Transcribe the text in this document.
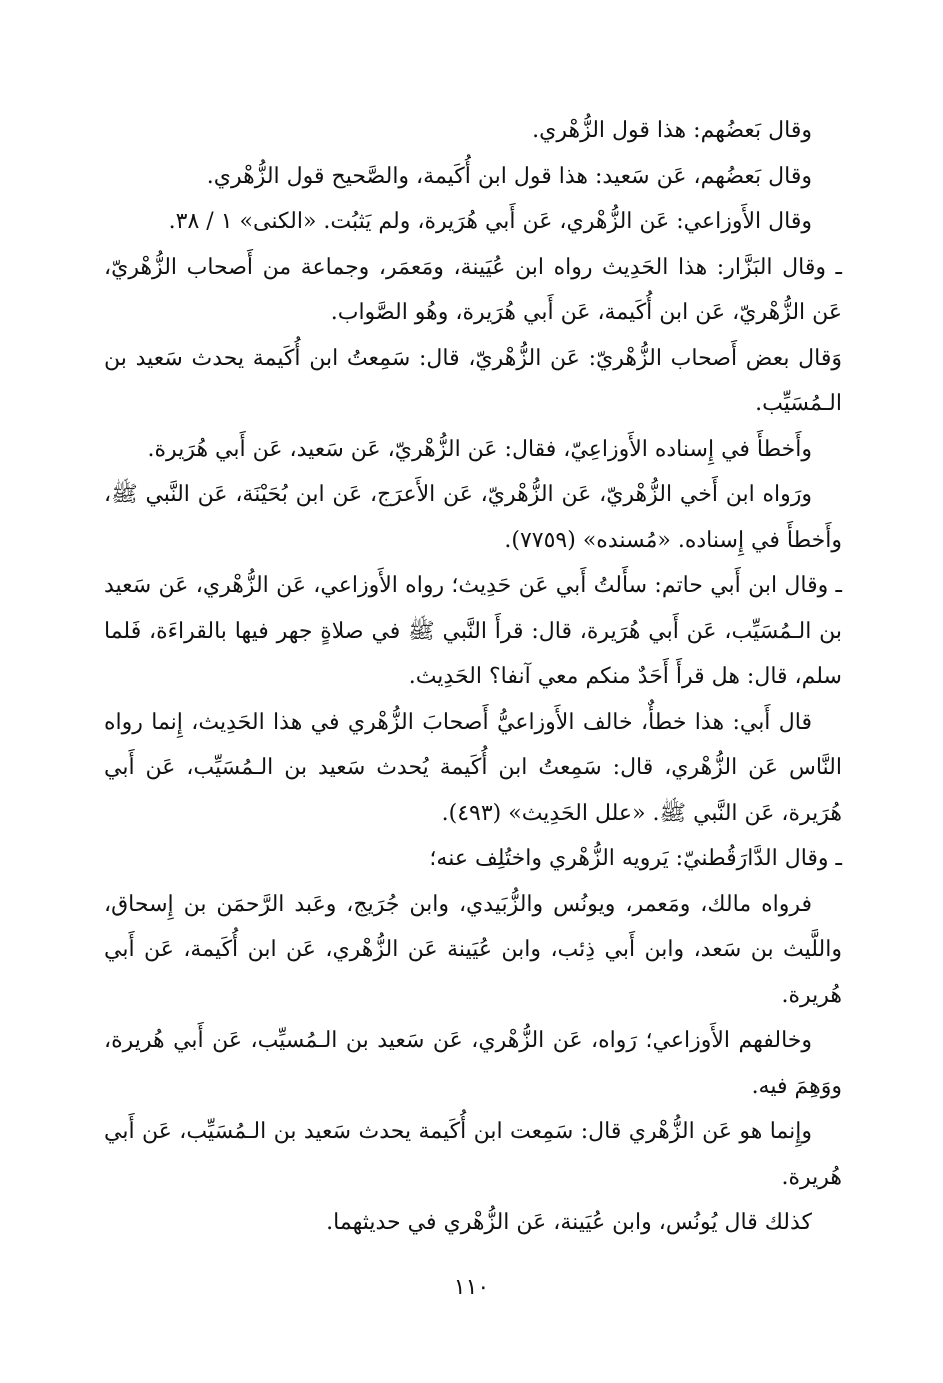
وقال بَعضُهم: هذا قول الزُّهْري.

وقال بَعضُهم، عَن سَعيد: هذا قول ابن أُكَيمة، والصَّحيح قول الزُّهْري.

وقال الأَوزاعي: عَن الزُّهْري، عَن أَبي هُرَيرة، ولم يَثبُت. «الكنى» ١ / ٣٨.

ـ وقال البَزَّار: هذا الحَدِيث رواه ابن عُيَينة، ومَعمَر، وجماعة من أَصحاب الزُّهْريّ، عَن الزُّهْريّ، عَن ابن أُكَيمة، عَن أَبي هُرَيرة، وهُو الصَّواب.

وَقال بعض أَصحاب الزُّهْريّ: عَن الزُّهْريّ، قال: سَمِعتُ ابن أُكَيمة يحدث سَعيد بن الـمُسَيِّب.

وأَخطأَ في إِسناده الأَوزاعِيّ، فقال: عَن الزُّهْريّ، عَن سَعيد، عَن أَبي هُرَيرة.

ورَواه ابن أَخي الزُّهْريّ، عَن الزُّهْريّ، عَن الأَعرَج، عَن ابن بُحَيْنَة، عَن النَّبي ﷺ، وأَخطأَ في إِسناده. «مُسنده» (٧٧٥٩).

ـ وقال ابن أَبي حاتم: سأَلتُ أَبي عَن حَدِيث؛ رواه الأَوزاعي، عَن الزُّهْري، عَن سَعيد بن الـمُسَيِّب، عَن أَبي هُرَيرة، قال: قرأَ النَّبي ﷺ في صلاةٍ جهر فيها بالقراءَة، فَلما سلم، قال: هل قرأَ أَحَدٌ منكم معي آنفا؟ الحَدِيث.

قال أَبي: هذا خطأٌ، خالف الأَوزاعيُّ أَصحابَ الزُّهْري في هذا الحَدِيث، إِنما رواه النَّاس عَن الزُّهْري، قال: سَمِعتُ ابن أُكَيمة يُحدث سَعيد بن الـمُسَيِّب، عَن أَبي هُرَيرة، عَن النَّبي ﷺ. «علل الحَدِيث» (٤٩٣).

ـ وقال الدَّارَقُطنيّ: يَرويه الزُّهْري واختُلِف عنه؛

فرواه مالك، ومَعمر، ويونُس والزُّبَيدي، وابن جُرَيج، وعَبد الرَّحمَن بن إِسحاق، واللَّيث بن سَعد، وابن أَبي ذِئب، وابن عُيَينة عَن الزُّهْري، عَن ابن أُكَيمة، عَن أَبي هُريرة.

وخالفهم الأَوزاعي؛ رَواه، عَن الزُّهْري، عَن سَعيد بن الـمُسيِّب، عَن أَبي هُريرة، ووَهِمَ فيه.

وإِنما هو عَن الزُّهْري قال: سَمِعت ابن أُكَيمة يحدث سَعيد بن الـمُسَيِّب، عَن أَبي هُريرة.

كذلك قال يُونُس، وابن عُيَينة، عَن الزُّهْري في حديثهما.

١١٠
